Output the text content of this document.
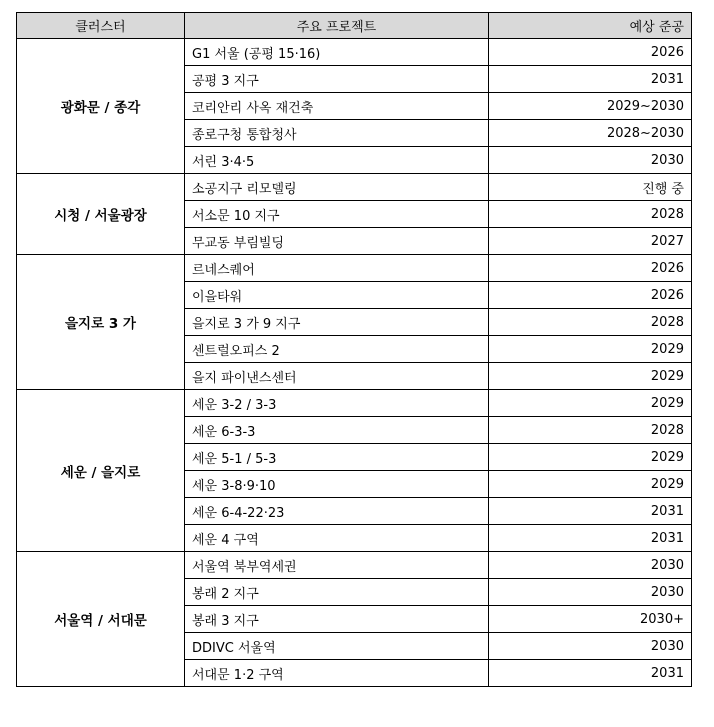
클러스터	주요 프로젝트	예상 준공
광화문 / 종각	G1 서울 (공평 15·16)	2026
	공평 3 지구	2031
	코리안리 사옥 재건축	2029~2030
	종로구청 통합청사	2028~2030
	서린 3·4·5	2030
시청 / 서울광장	소공지구 리모델링	진행 중
	서소문 10 지구	2028
	무교동 부림빌딩	2027
을지로 3 가	르네스퀘어	2026
	이을타워	2026
	을지로 3 가 9 지구	2028
	센트럴오피스 2	2029
	을지 파이낸스센터	2029
세운 / 을지로	세운 3-2 / 3-3	2029
	세운 6-3-3	2028
	세운 5-1 / 5-3	2029
	세운 3-8·9·10	2029
	세운 6-4-22·23	2031
	세운 4 구역	2031
서울역 / 서대문	서울역 북부역세권	2030
	봉래 2 지구	2030
	봉래 3 지구	2030+
	DDIVC 서울역	2030
	서대문 1·2 구역	2031
